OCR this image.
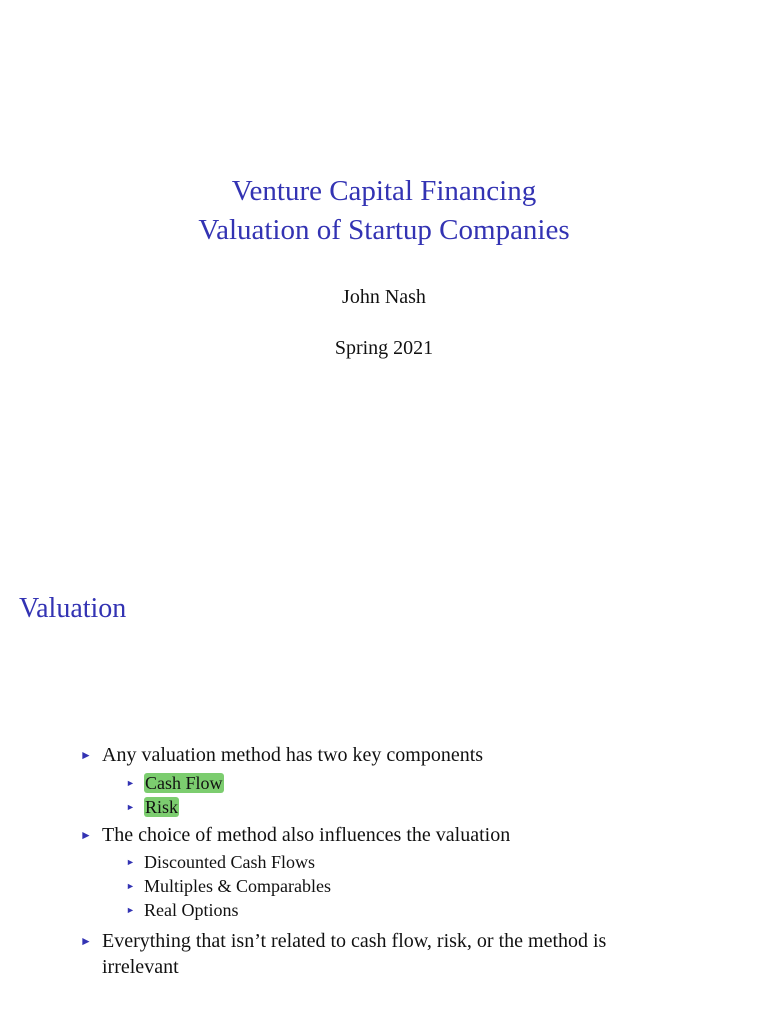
Venture Capital Financing
Valuation of Startup Companies
John Nash
Spring 2021
Valuation
► Any valuation method has two key components
► Cash Flow
► Risk
► The choice of method also influences the valuation
► Discounted Cash Flows
► Multiples & Comparables
► Real Options
► Everything that isn’t related to cash flow, risk, or the method is
irrelevant
